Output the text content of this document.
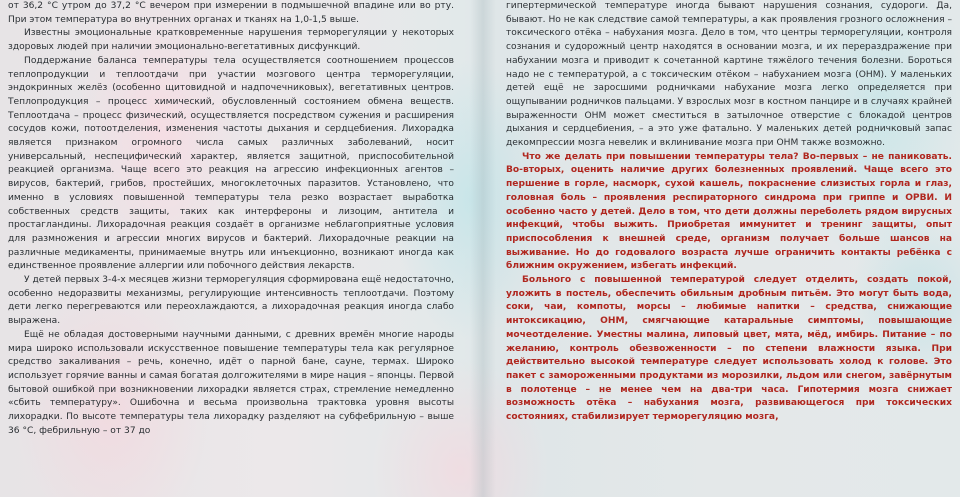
от 36,2 °С утром до 37,2 °С вечером при измерении в подмышечной впадине или во рту. При этом температура во внутренних органах и тканях на 1,0-1,5 выше.

Известны эмоциональные кратковременные нарушения терморегуляции у некоторых здоровых людей при наличии эмоционально-вегетативных дисфункций.

Поддержание баланса температуры тела осуществляется соотношением процессов теплопродукции и теплоотдачи при участии мозгового центра терморегуляции, эндокринных желёз (особенно щитовидной и надпочечниковых), вегетативных центров. Теплопродукция – процесс химический, обусловленный состоянием обмена веществ. Теплоотдача – процесс физический, осуществляется посредством сужения и расширения сосудов кожи, потоотделения, изменения частоты дыхания и сердцебиения. Лихорадка является признаком огромного числа самых различных заболеваний, носит универсальный, неспецифический характер, является защитной, приспособительной реакцией организма. Чаще всего это реакция на агрессию инфекционных агентов – вирусов, бактерий, грибов, простейших, многоклеточных паразитов. Установлено, что именно в условиях повышенной температуры тела резко возрастает выработка собственных средств защиты, таких как интерфероны и лизоцим, антитела и простагландины. Лихорадочная реакция создаёт в организме неблагоприятные условия для размножения и агрессии многих вирусов и бактерий. Лихорадочные реакции на различные медикаменты, принимаемые внутрь или инъекционно, возникают иногда как единственное проявление аллергии или побочного действия лекарств.

У детей первых 3-4-х месяцев жизни терморегуляция сформирована ещё недостаточно, особенно недоразвиты механизмы, регулирующие интенсивность теплоотдачи. Поэтому дети легко перегреваются или переохлаждаются, а лихорадочная реакция иногда слабо выражена.

Ещё не обладая достоверными научными данными, с древних времён многие народы мира широко использовали искусственное повышение температуры тела как регулярное средство закаливания – речь, конечно, идёт о парной бане, сауне, термах. Широко использует горячие ванны и самая богатая долгожителями в мире нация – японцы. Первой бытовой ошибкой при возникновении лихорадки является страх, стремление немедленно «сбить температуру». Ошибочна и весьма произвольна трактовка уровня высоты лихорадки. По высоте температуры тела лихорадку разделяют на субфебрильную – выше 36 °С, фебрильную – от 37 до

гипертермической температуре иногда бывают нарушения сознания, судороги. Да, бывают. Но не как следствие самой температуры, а как проявления грозного осложнения – токсического отёка – набухания мозга. Дело в том, что центры терморегуляции, контроля сознания и судорожный центр находятся в основании мозга, и их перераздражение при набухании мозга и приводит к сочетанной картине тяжёлого течения болезни. Бороться надо не с температурой, а с токсическим отёком – набуханием мозга (ОНМ). У маленьких детей ещё не заросшими родничками набухание мозга легко определяется при ощупывании родничков пальцами. У взрослых мозг в костном панцире и в случаях крайней выраженности ОНМ может сместиться в затылочное отверстие с блокадой центров дыхания и сердцебиения, – а это уже фатально. У маленьких детей родничковый запас декомпрессии мозга невелик и вклинивание мозга при ОНМ также возможно.

Что же делать при повышении температуры тела? Во-первых – не паниковать. Во-вторых, оценить наличие других болезненных проявлений. Чаще всего это першение в горле, насморк, сухой кашель, покраснение слизистых горла и глаз, головная боль – проявления респираторного синдрома при гриппе и ОРВИ. И особенно часто у детей. Дело в том, что дети должны переболеть рядом вирусных инфекций, чтобы выжить. Приобретая иммунитет и тренинг защиты, опыт приспособления к внешней среде, организм получает больше шансов на выживание. Но до годовалого возраста лучше ограничить контакты ребёнка с ближним окружением, избегать инфекций.

Больного с повышенной температурой следует отделить, создать покой, уложить в постель, обеспечить обильным дробным питьём. Это могут быть вода, соки, чаи, компоты, морсы – любимые напитки – средства, снижающие интоксикацию, ОНМ, смягчающие катаральные симптомы, повышающие мочеотделение. Уместны малина, липовый цвет, мята, мёд, имбирь. Питание – по желанию, контроль обезвоженности – по степени влажности языка. При действительно высокой температуре следует использовать холод к голове. Это пакет с замороженными продуктами из морозилки, льдом или снегом, завёрнутым в полотенце – не менее чем на два-три часа. Гипотермия мозга снижает возможность отёка – набухания мозга, развивающегося при токсических состояниях, стабилизирует терморегуляцию мозга,
